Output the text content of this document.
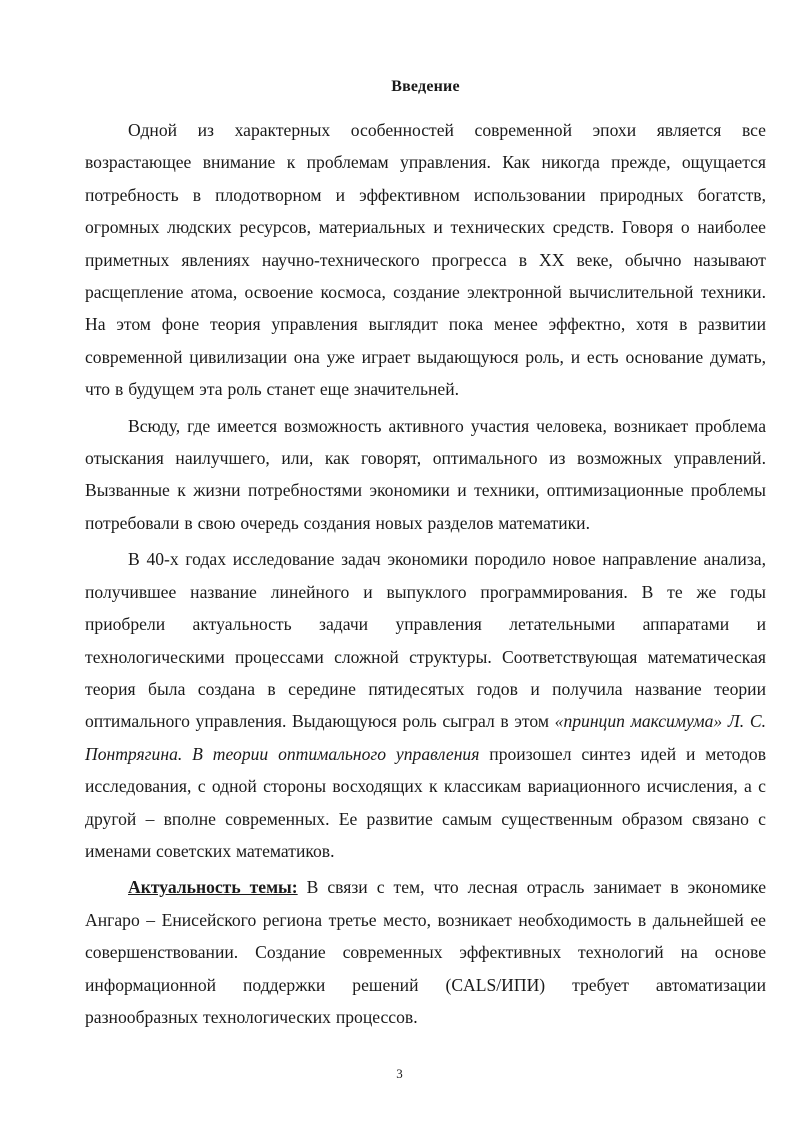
Введение

Одной из характерных особенностей современной эпохи является все возрастающее внимание к проблемам управления. Как никогда прежде, ощущается потребность в плодотворном и эффективном использовании природных богатств, огромных людских ресурсов, материальных и технических средств. Говоря о наиболее приметных явлениях научно-технического прогресса в XX веке, обычно называют расщепление атома, освоение космоса, создание электронной вычислительной техники. На этом фоне теория управления выглядит пока менее эффектно, хотя в развитии современной цивилизации она уже играет выдающуюся роль, и есть основание думать, что в будущем эта роль станет еще значительней.

Всюду, где имеется возможность активного участия человека, возникает проблема отыскания наилучшего, или, как говорят, оптимального из возможных управлений. Вызванные к жизни потребностями экономики и техники, оптимизационные проблемы потребовали в свою очередь создания новых разделов математики.

В 40-х годах исследование задач экономики породило новое направление анализа, получившее название линейного и выпуклого программирования. В те же годы приобрели актуальность задачи управления летательными аппаратами и технологическими процессами сложной структуры. Соответствующая математическая теория была создана в середине пятидесятых годов и получила название теории оптимального управления. Выдающуюся роль сыграл в этом «принцип максимума» Л. С. Понтрягина. В теории оптимального управления произошел синтез идей и методов исследования, с одной стороны восходящих к классикам вариационного исчисления, а с другой – вполне современных. Ее развитие самым существенным образом связано с именами советских математиков.

Актуальность темы: В связи с тем, что лесная отрасль занимает в экономике Ангаро – Енисейского региона третье место, возникает необходимость в дальнейшей ее совершенствовании. Создание современных эффективных технологий на основе информационной поддержки решений (CALS/ИПИ) требует автоматизации разнообразных технологических процессов.

3
